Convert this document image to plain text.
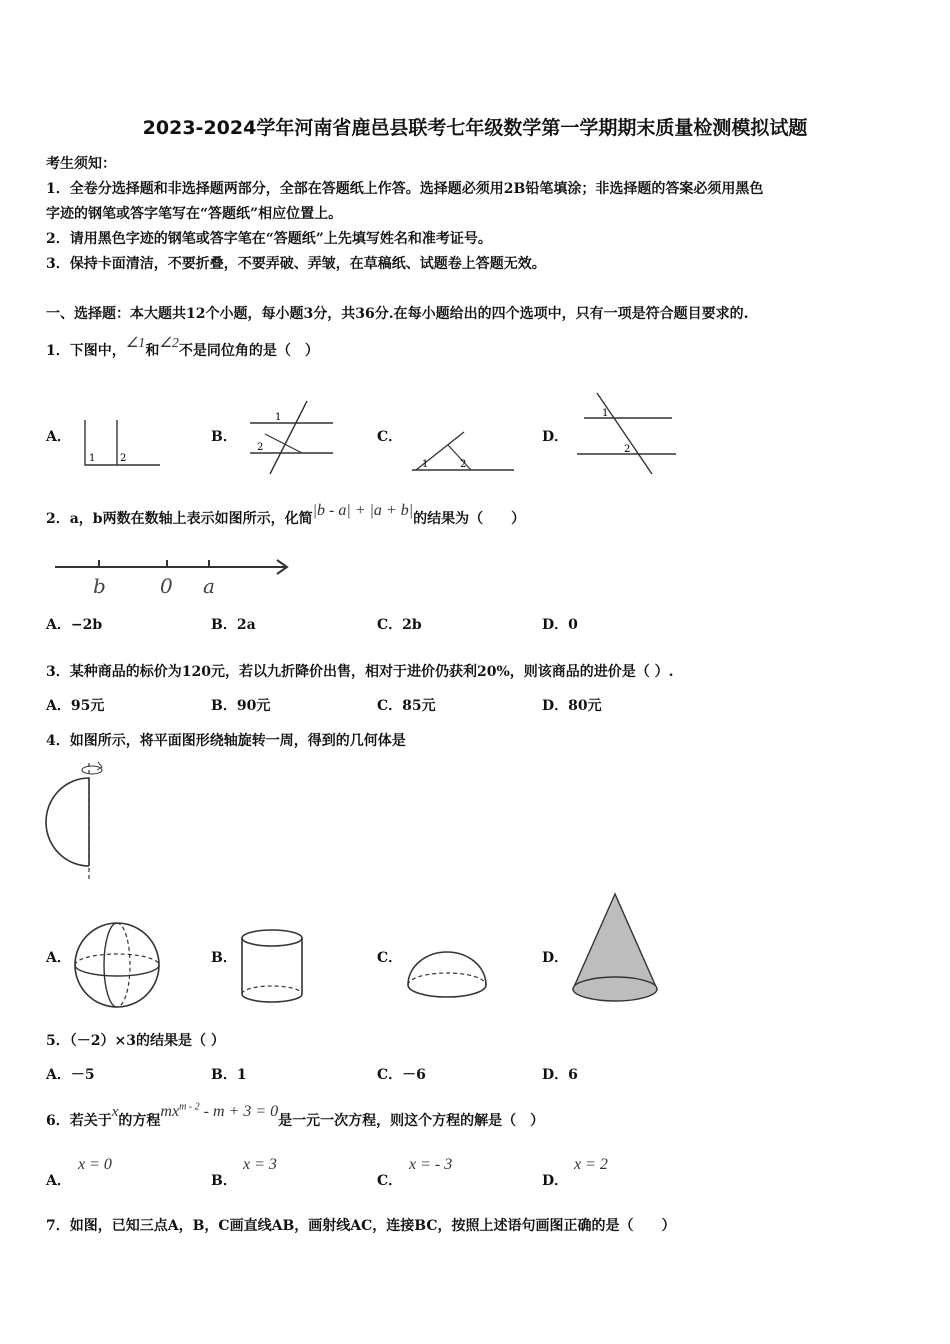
2023-2024学年河南省鹿邑县联考七年级数学第一学期期末质量检测模拟试题
考生须知：
1．全卷分选择题和非选择题两部分，全部在答题纸上作答。选择题必须用2B铅笔填涂；非选择题的答案必须用黑色
字迹的钢笔或答字笔写在“答题纸”相应位置上。
2．请用黑色字迹的钢笔或答字笔在“答题纸”上先填写姓名和准考证号。
3．保持卡面清洁，不要折叠，不要弄破、弄皱，在草稿纸、试题卷上答题无效。
一、选择题：本大题共12个小题，每小题3分，共36分.在每小题给出的四个选项中，只有一项是符合题目要求的.
1．下图中，∠1和∠2不是同位角的是（　）
A．	B．	C．	D．
1 2
1
2
1	2
1
2
2．a，b两数在数轴上表示如图所示，化简|b - a| + |a + b|的结果为（　　）
b	0 a
A．−2b	B．2a	C．2b	D．0
3．某种商品的标价为120元，若以九折降价出售，相对于进价仍获利20%，则该商品的进价是（ ）.
A．95元	B．90元	C．85元	D．80元
4．如图所示，将平面图形绕轴旋转一周，得到的几何体是
A．	B．	C．	D．
5．（－2）×3的结果是（ ）
A．－5	B．1	C．－6	D．6
6．若关于x的方程$mx^{m - 2} - m + 3 = 0$是一元一次方程，则这个方程的解是（　）
A．
x = 0
B．
x = 3
C．
x = - 3
D．
x = 2
7．如图，已知三点A，B，C画直线AB，画射线AC，连接BC，按照上述语句画图正确的是（　　）
